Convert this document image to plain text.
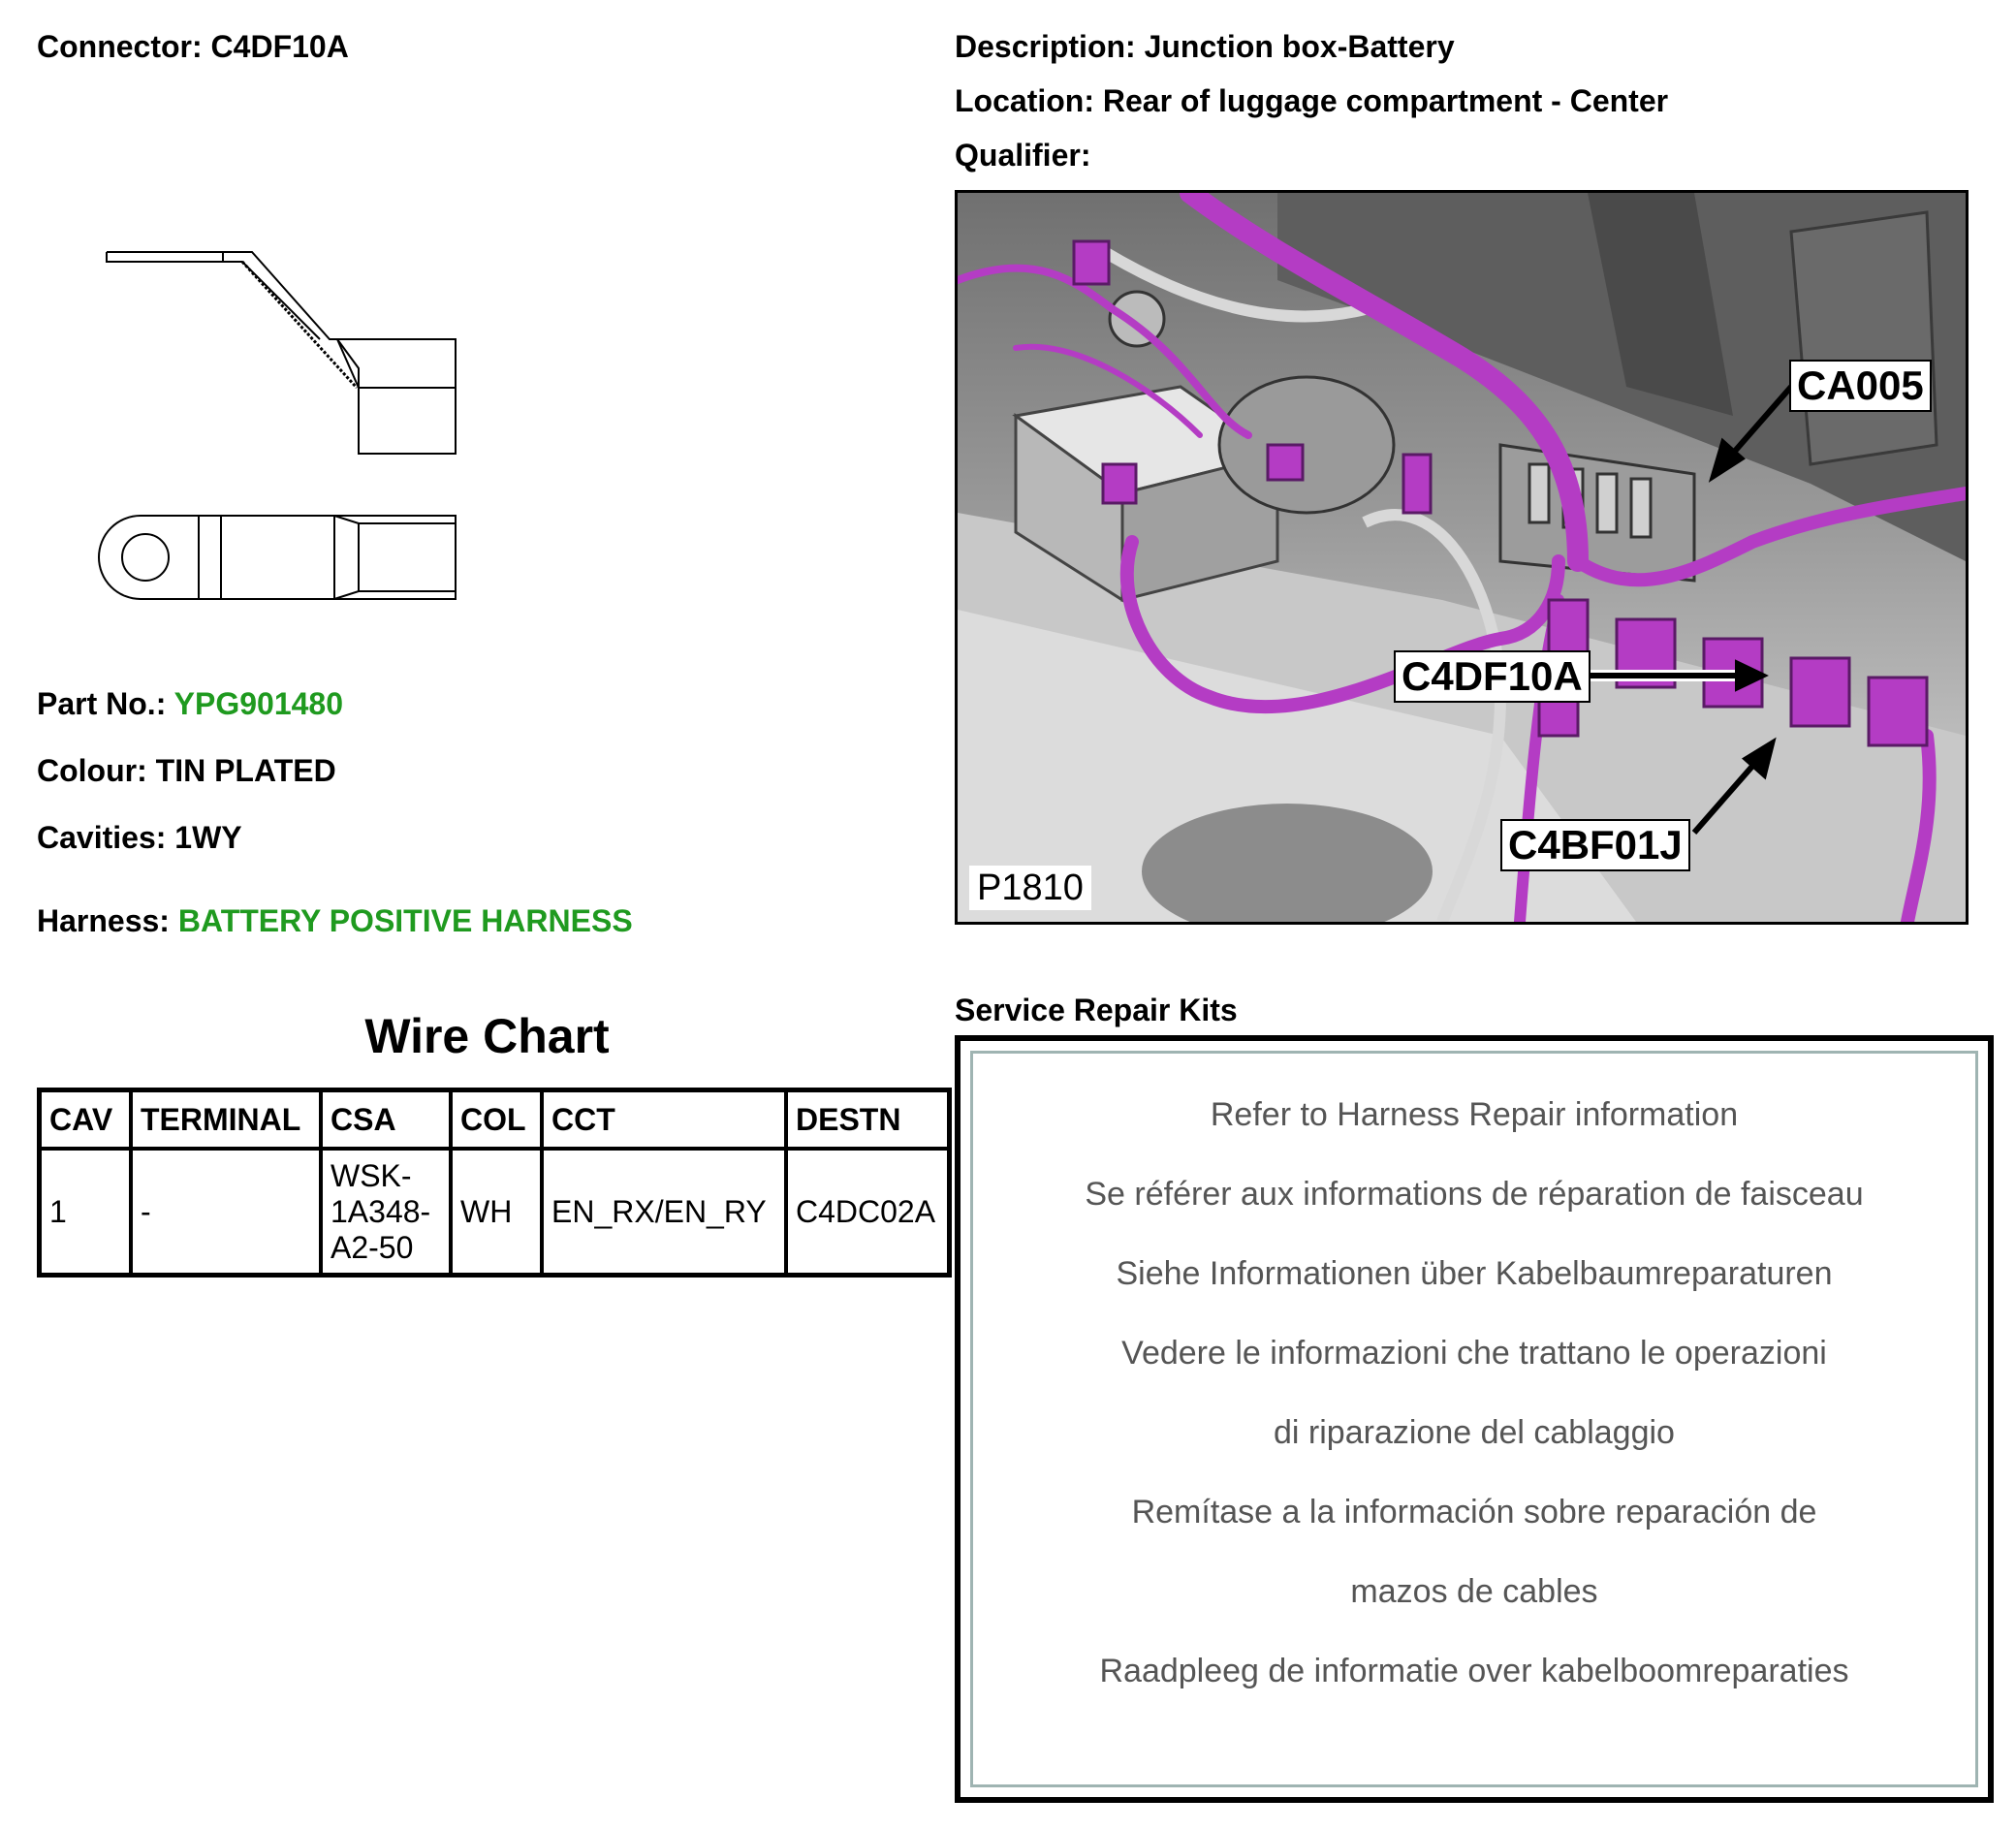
Connector: C4DF10A
Part No.: YPG901480
Colour: TIN PLATED
Cavities: 1WY
Harness: BATTERY POSITIVE HARNESS
Wire Chart
CAV	TERMINAL	CSA	COL	CCT	DESTN
1	-	WSK-
1A348-
A2-50	WH	EN_RX/EN_RY	C4DC02A
Description: Junction box-Battery
Location: Rear of luggage compartment - Center
Qualifier:
CA005
C4DF10A
C4BF01J
P1810
Service Repair Kits
Refer to Harness Repair information
Se référer aux informations de réparation de faisceau
Siehe Informationen über Kabelbaumreparaturen
Vedere le informazioni che trattano le operazioni
di riparazione del cablaggio
Remítase a la información sobre reparación de
mazos de cables
Raadpleeg de informatie over kabelboomreparaties
